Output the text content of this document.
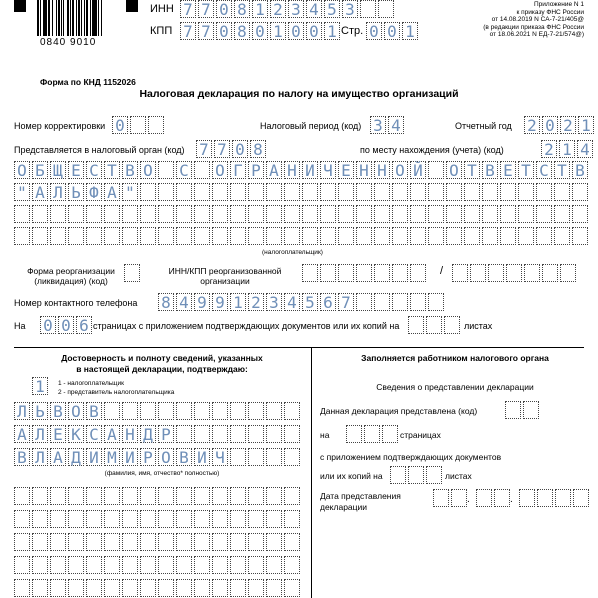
0840 9010
ИНН 7 7 0 8 1 2 3 4 5 З
КПП 7 7 0 8 0 1 0 0 1 Стр. 0 0 1
Приложение N 1
к приказу ФНС России
от 14.08.2019 N СА-7-21/405@
(в редакции приказа ФНС России
от 18.06.2021 N ЕД-7-21/574@)
Форма по КНД 1152026
Налоговая декларация по налогу на имущество организаций
Номер корректировки 0	Налоговый период (код) 3 4	Отчетный год 2 0 2 1
Представляется в налоговый орган (код) 7 7 0 8	по месту нахождения (учета) (код)	2 1 4
О Б Щ Е С Т В О С О Г Р А Н И Ч Е Н Н О Й О Т В Е Т С Т В
" А Л Ь Ф А "
(налогоплательщик)
Форма реорганизации (ликвидация) (код)
ИНН/КПП реорганизованной организации
/
Номер контактного телефона 8 4 9 9 1 2 3 4 5 6 7
На 0 0 6 страницах с приложением подтверждающих документов или их копий на	листах
Достоверность и полноту сведений, указанных
в настоящей декларации, подтверждаю:
1	1 - налогоплательщик
2 - представитель налогоплательщика
Л Ь В О В
А Л Е К С А Н Д Р
В Л А Д И М И Р О В И Ч
(фамилия, имя, отчество* полностью)
Заполняется работником налогового органа
Сведения о представлении декларации
Данная декларация представлена (код)
на	страницах
с приложением подтверждающих документов
или их копий на	листах
Дата представления
декларации
.	.
